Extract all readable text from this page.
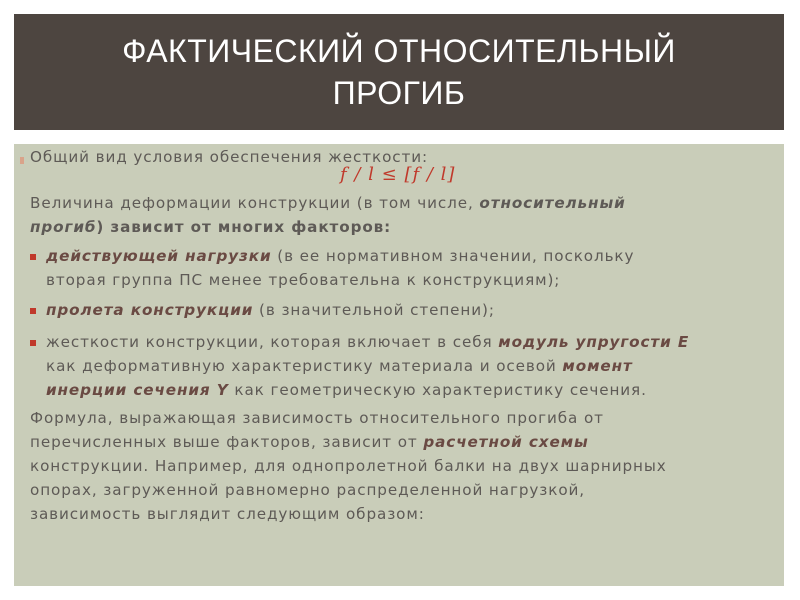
ФАКТИЧЕСКИЙ ОТНОСИТЕЛЬНЫЙ
ПРОГИБ
Общий вид условия обеспечения жесткости:
f / l ≤ [f / l]
Величина деформации конструкции (в том числе, относительный
прогиб) зависит от многих факторов:
действующей нагрузки (в ее нормативном значении, поскольку
вторая группа ПС менее требовательна к конструкциям);
пролета конструкции (в значительной степени);
жесткости конструкции, которая включает в себя модуль упругости E
как деформативную характеристику материала и осевой момент
инерции сечения Y как геометрическую характеристику сечения.
Формула, выражающая зависимость относительного прогиба от
перечисленных выше факторов, зависит от расчетной схемы
конструкции. Например, для однопролетной балки на двух шарнирных
опорах, загруженной равномерно распределенной нагрузкой,
зависимость выглядит следующим образом:
